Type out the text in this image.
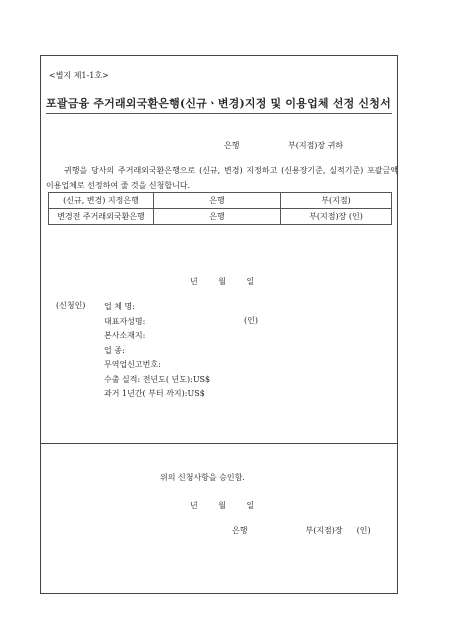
<별지 제1-1호>
포괄금융 주거래외국환은행(신규ㆍ변경)지정 및 이용업체 선정 신청서
은행	부(지점)장 귀하
귀행을 당사의 주거래외국환은행으로 (신규, 변경) 지정하고 (신용장기준, 실적기준) 포괄금액 이용업체로 선정하여 줄 것을 신청합니다.
(신규, 변경) 지정은행	은행	부(지점)
변경전 주거래외국환은행	은행	부(지점)장 (인)
년 월 일
(신청인) 업 체 명:
대표자성명:
본사소재지:
업 종:
무역업신고번호:
수출 실적: 전년도( 년도):US$
과거 1년간( 부터 까지):US$
(인)
위의 신청사항을 승인함.
년 월 일
은행	부(지점)장 (인)
